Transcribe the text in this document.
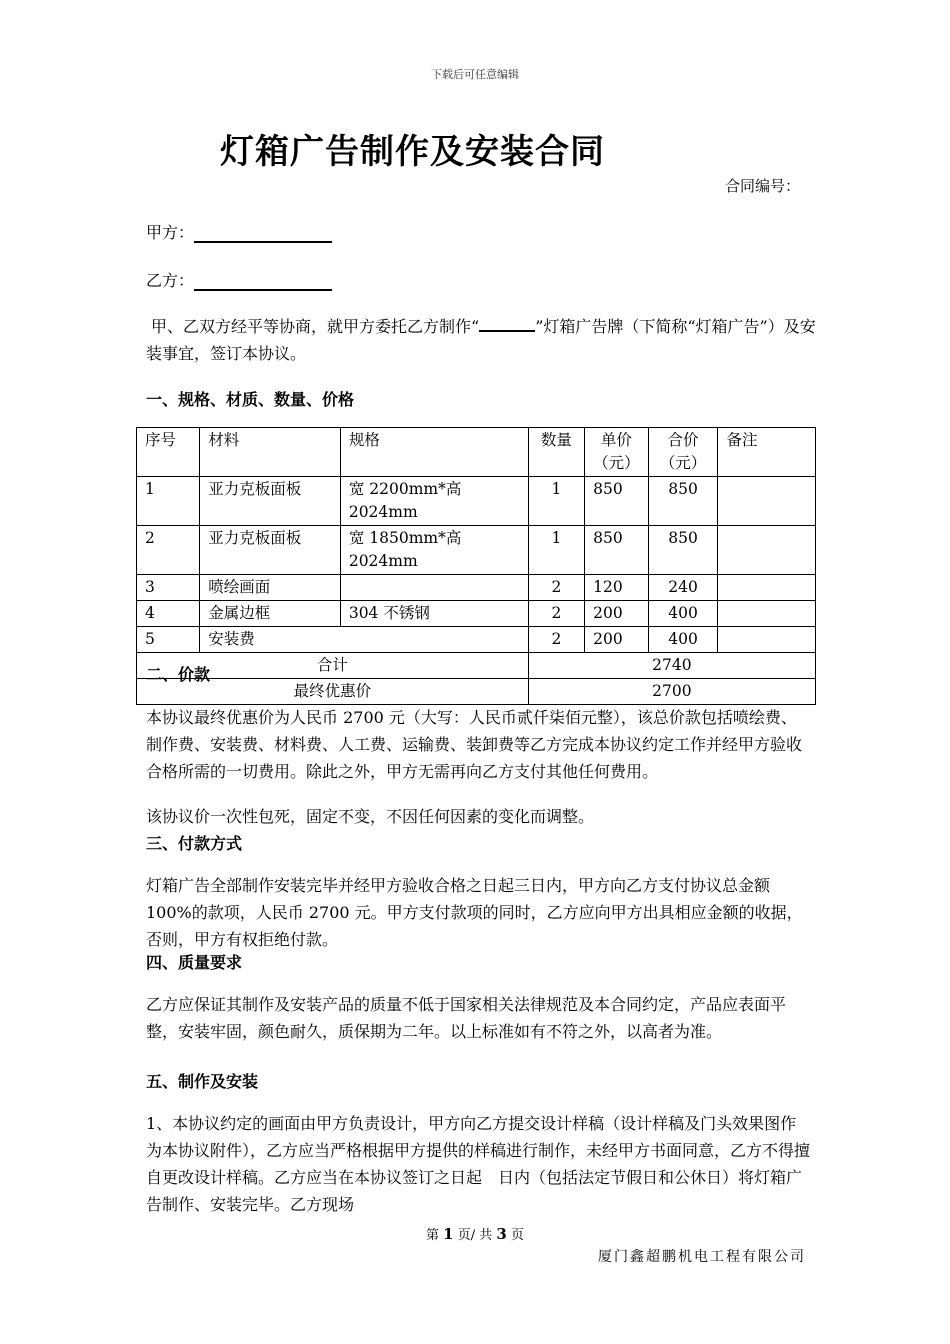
下载后可任意编辑
灯箱广告制作及安装合同
合同编号：
甲方：
乙方：
甲、乙双方经平等协商，就甲方委托乙方制作“	”灯箱广告牌（下简称“灯箱广告”）及安装事宜，签订本协议。
一、规格、材质、数量、价格
序号	材料	规格	数量	单价（元）	合价（元）	备注
1	亚力克板面板	宽 2200mm*高 2024mm	1	850	850	
2	亚力克板面板	宽 1850mm*高 2024mm	1	850	850	
3	喷绘画面		2	120	240	
4	金属边框	304 不锈钢	2	200	400	
5	安装费		2	200	400	
合计			2740			
最终优惠价			2700			
二、价款
本协议最终优惠价为人民币 2700 元（大写：人民币贰仟柒佰元整），该总价款包括喷绘费、制作费、安装费、材料费、人工费、运输费、装卸费等乙方完成本协议约定工作并经甲方验收合格所需的一切费用。除此之外，甲方无需再向乙方支付其他任何费用。
该协议价一次性包死，固定不变，不因任何因素的变化而调整。
三、付款方式
灯箱广告全部制作安装完毕并经甲方验收合格之日起三日内，甲方向乙方支付协议总金额 100%的款项，人民币 2700 元。甲方支付款项的同时，乙方应向甲方出具相应金额的收据，否则，甲方有权拒绝付款。
四、质量要求
乙方应保证其制作及安装产品的质量不低于国家相关法律规范及本合同约定，产品应表面平整，安装牢固，颜色耐久，质保期为二年。以上标准如有不符之外，以高者为准。
五、制作及安装
1、本协议约定的画面由甲方负责设计，甲方向乙方提交设计样稿（设计样稿及门头效果图作为本协议附件），乙方应当严格根据甲方提供的样稿进行制作，未经甲方书面同意，乙方不得擅自更改设计样稿。乙方应当在本协议签订之日起　日内（包括法定节假日和公休日）将灯箱广告制作、安装完毕。乙方现场
第 1 页/ 共 3 页
厦门鑫超鹏机电工程有限公司
